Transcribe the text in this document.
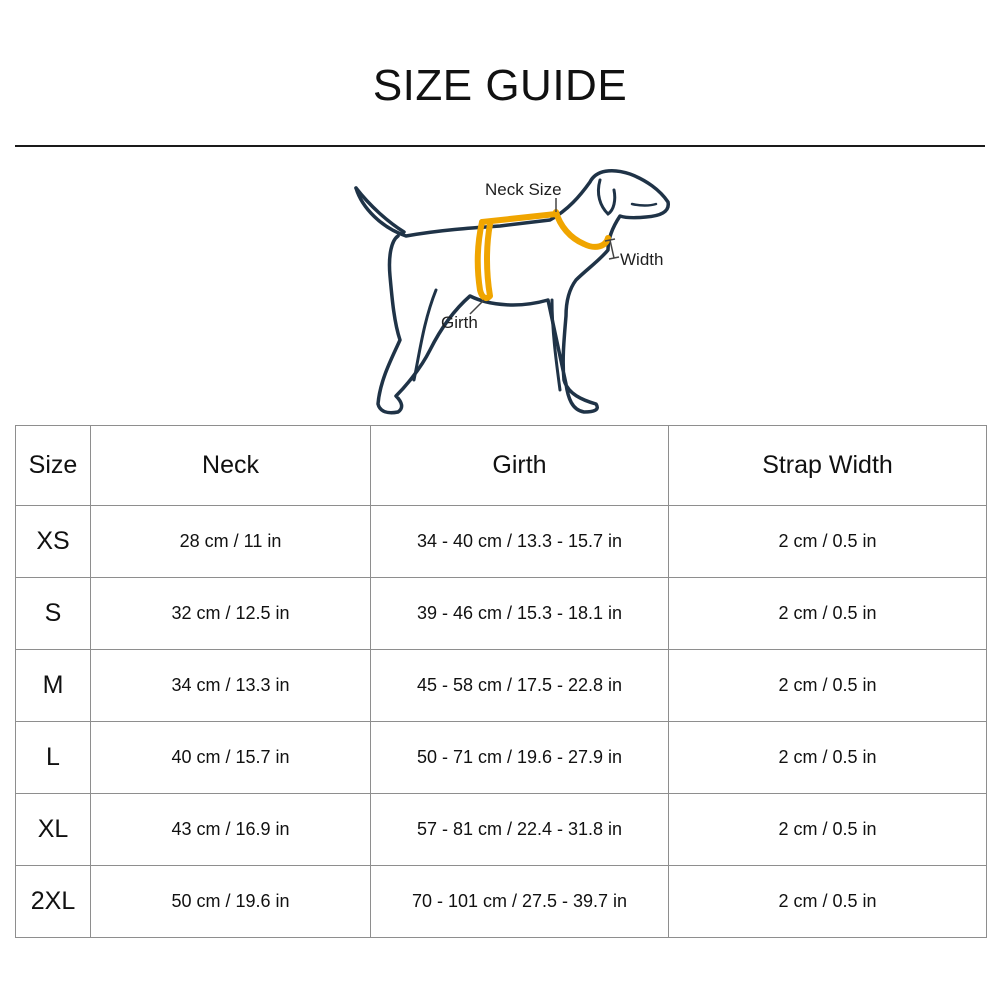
SIZE GUIDE
Neck Size
Width
Girth
Size	Neck	Girth	Strap Width
XS	28 cm / 11 in	34 - 40 cm / 13.3 - 15.7 in	2 cm / 0.5 in
S	32 cm / 12.5 in	39 - 46 cm / 15.3 - 18.1 in	2 cm / 0.5 in
M	34 cm / 13.3 in	45 - 58 cm / 17.5 - 22.8 in	2 cm / 0.5 in
L	40 cm / 15.7 in	50 - 71 cm / 19.6 - 27.9 in	2 cm / 0.5 in
XL	43 cm / 16.9 in	57 - 81 cm / 22.4 - 31.8 in	2 cm / 0.5 in
2XL	50 cm / 19.6 in	70 - 101 cm / 27.5 - 39.7 in	2 cm / 0.5 in
